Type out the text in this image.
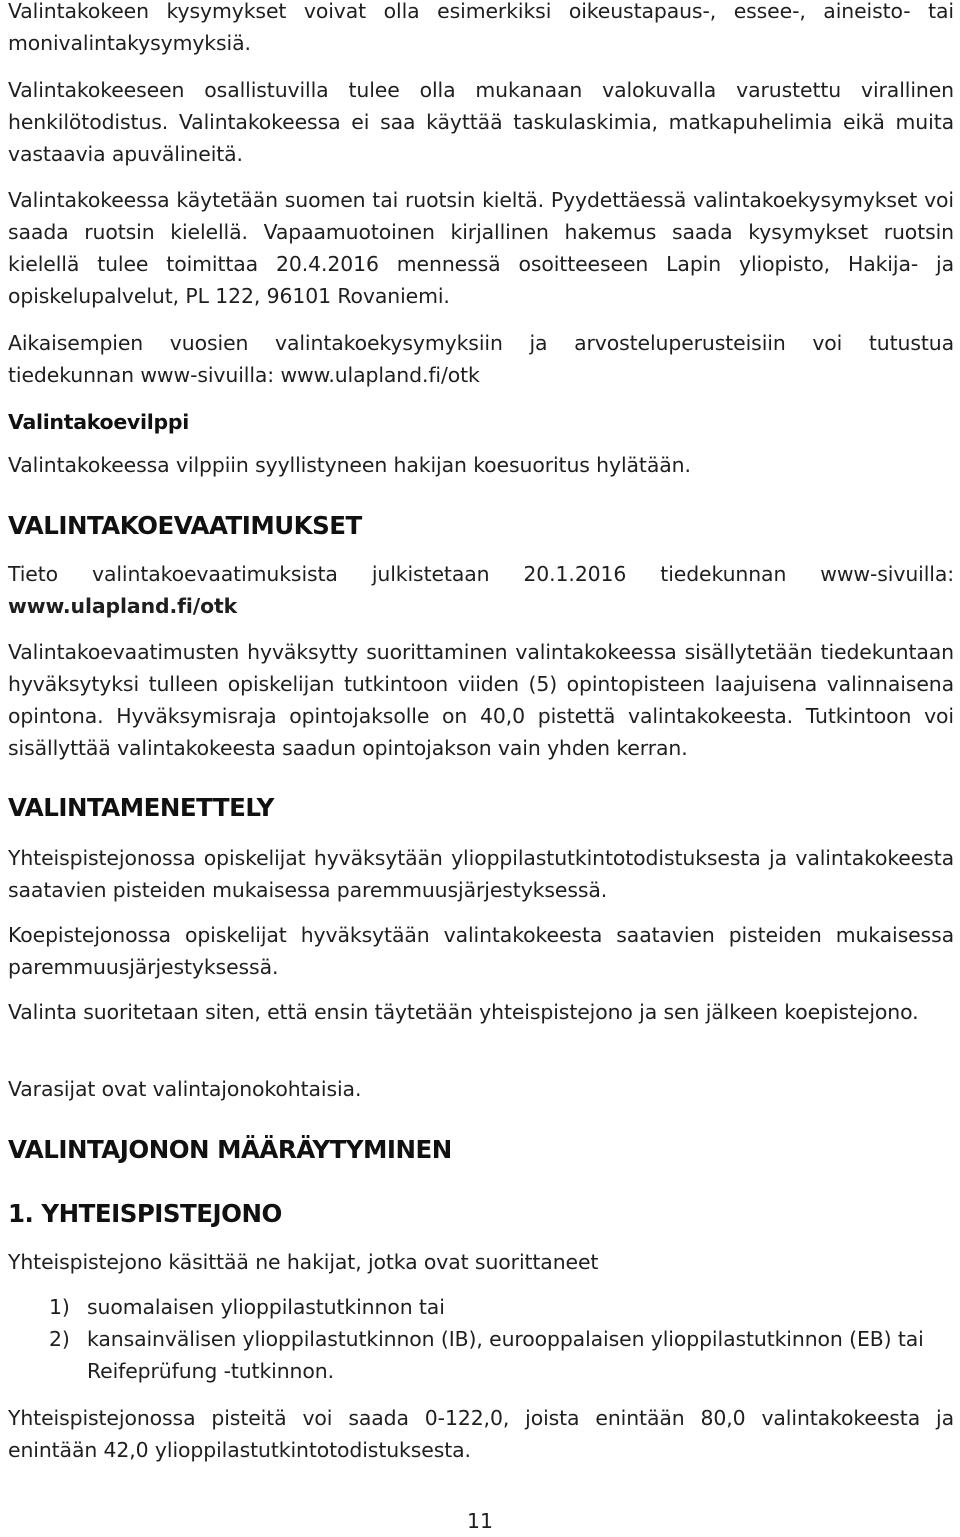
Valintakokeen kysymykset voivat olla esimerkiksi oikeustapaus-, essee-, aineisto- tai monivalintakysymyksiä.

Valintakokeeseen osallistuvilla tulee olla mukanaan valokuvalla varustettu virallinen henkilötodistus. Valintakokeessa ei saa käyttää taskulaskimia, matkapuhelimia eikä muita vastaavia apuvälineitä.

Valintakokeessa käytetään suomen tai ruotsin kieltä. Pyydettäessä valintakoekysymykset voi saada ruotsin kielellä. Vapaamuotoinen kirjallinen hakemus saada kysymykset ruotsin kielellä tulee toimittaa 20.4.2016 mennessä osoitteeseen Lapin yliopisto, Hakija- ja opiskelupalvelut, PL 122, 96101 Rovaniemi.

Aikaisempien vuosien valintakoekysymyksiin ja arvosteluperusteisiin voi tutustua tiedekunnan www-sivuilla: www.ulapland.fi/otk

Valintakoevilppi

Valintakokeessa vilppiin syyllistyneen hakijan koesuoritus hylätään.

VALINTAKOEVAATIMUKSET

Tieto valintakoevaatimuksista julkistetaan 20.1.2016 tiedekunnan www-sivuilla: www.ulapland.fi/otk

Valintakoevaatimusten hyväksytty suorittaminen valintakokeessa sisällytetään tiedekuntaan hyväksytyksi tulleen opiskelijan tutkintoon viiden (5) opintopisteen laajuisena valinnaisena opintona. Hyväksymisraja opintojaksolle on 40,0 pistettä valintakokeesta. Tutkintoon voi sisällyttää valintakokeesta saadun opintojakson vain yhden kerran.

VALINTAMENETTELY

Yhteispistejonossa opiskelijat hyväksytään ylioppilastutkintotodistuksesta ja valintakokeesta saatavien pisteiden mukaisessa paremmuusjärjestyksessä.

Koepistejonossa opiskelijat hyväksytään valintakokeesta saatavien pisteiden mukaisessa paremmuusjärjestyksessä.

Valinta suoritetaan siten, että ensin täytetään yhteispistejono ja sen jälkeen koepistejono.

Varasijat ovat valintajonokohtaisia.

VALINTAJONON MÄÄRÄYTYMINEN
1. YHTEISPISTEJONO

Yhteispistejono käsittää ne hakijat, jotka ovat suorittaneet

1) suomalaisen ylioppilastutkinnon tai
2) kansainvälisen ylioppilastutkinnon (IB), eurooppalaisen ylioppilastutkinnon (EB) tai Reifeprüfung -tutkinnon.

Yhteispistejonossa pisteitä voi saada 0-122,0, joista enintään 80,0 valintakokeesta ja enintään 42,0 ylioppilastutkintotodistuksesta.

11
